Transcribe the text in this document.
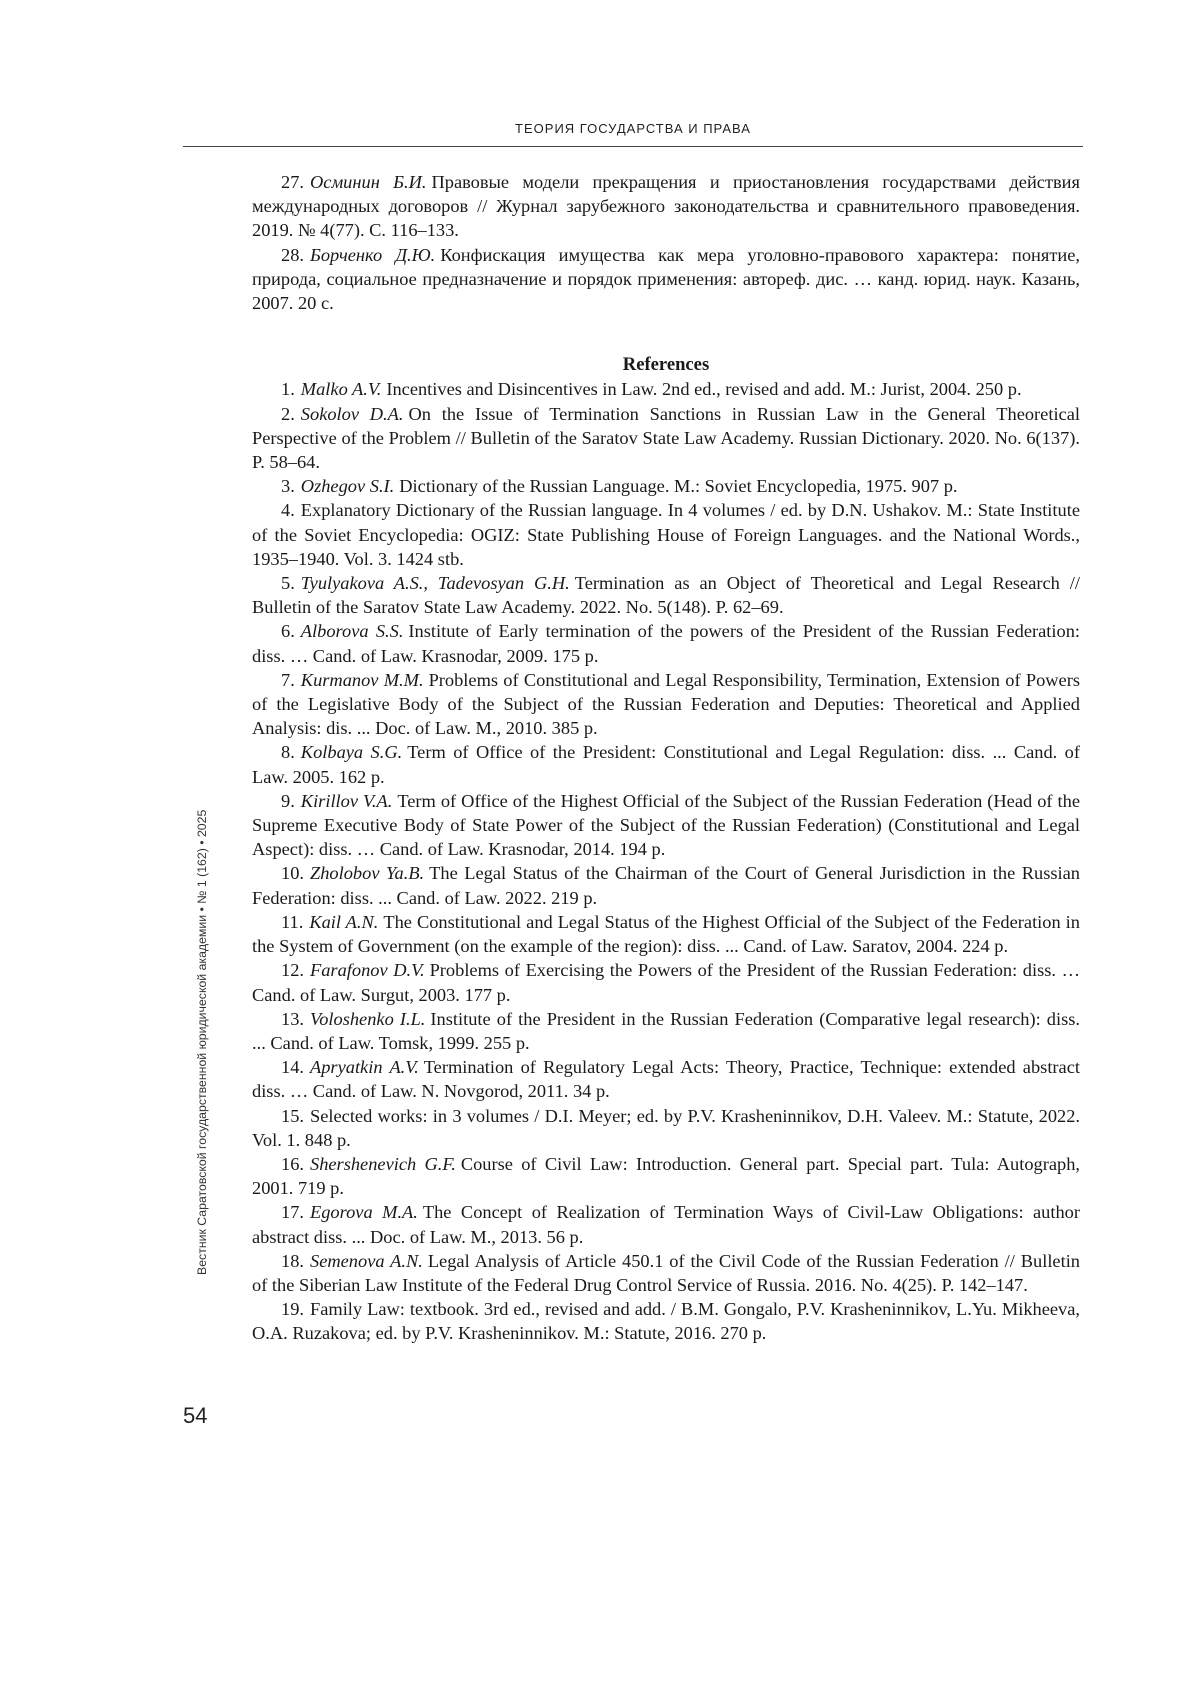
ТЕОРИЯ ГОСУДАРСТВА И ПРАВА
Вестник Саратовской государственной юридической академии • № 1 (162) • 2025
54

27. Осминин Б.И. Правовые модели прекращения и приостановления государствами действия международных договоров // Журнал зарубежного законодательства и срав­нительного правоведения. 2019. № 4(77). С. 116–133.

28. Борченко Д.Ю. Конфискация имущества как мера уголовно-правового характера: понятие, природа, социальное предназначение и порядок применения: автореф. дис. … канд. юрид. наук. Казань, 2007. 20 с.

References

1. Malko A.V. Incentives and Disincentives in Law. 2nd ed., revised and add. M.: Jurist, 2004. 250 p.

2. Sokolov D.A. On the Issue of Termination Sanctions in Russian Law in the General The­oretical Perspective of the Problem // Bulletin of the Saratov State Law Academy. Russian Dictionary. 2020. No. 6(137). P. 58–64.

3. Ozhegov S.I. Dictionary of the Russian Language. M.: Soviet Encyclopedia, 1975. 907 p.

4. Explanatory Dictionary of the Russian language. In 4 volumes / ed. by D.N. Ushakov. M.: State Institute of the Soviet Encyclopedia: OGIZ: State Publishing House of Foreign Languages. and the National Words., 1935–1940. Vol. 3. 1424 stb.

5. Tyulyakova A.S., Tadevosyan G.H. Termination as an Object of Theoretical and Legal Re­search // Bulletin of the Saratov State Law Academy. 2022. No. 5(148). P. 62–69.

6. Alborova S.S. Institute of Early termination of the powers of the President of the Russian Federation: diss. … Cand. of Law. Krasnodar, 2009. 175 p.

7. Kurmanov M.M. Problems of Constitutional and Legal Responsibility, Termination, Exten­sion of Powers of the Legislative Body of the Subject of the Russian Federation and Deputies: Theoretical and Applied Analysis: dis. ... Doc. of Law. M., 2010. 385 p.

8. Kolbaya S.G. Term of Office of the President: Constitutional and Legal Regulation: diss. ... Cand. of Law. 2005. 162 p.

9. Kirillov V.A. Term of Office of the Highest Official of the Subject of the Russian Federation (Head of the Supreme Executive Body of State Power of the Subject of the Russian Federation) (Constitutional and Legal Aspect): diss. … Cand. of Law. Krasnodar, 2014. 194 p.

10. Zholobov Ya.B. The Legal Status of the Chairman of the Court of General Jurisdiction in the Russian Federation: diss. ... Cand. of Law. 2022. 219 p.

11. Kail A.N. The Constitutional and Legal Status of the Highest Official of the Subject of the Federation in the System of Government (on the example of the region): diss. ... Cand. of Law. Saratov, 2004. 224 p.

12. Farafonov D.V. Problems of Exercising the Powers of the President of the Russian Fed­eration: diss. … Cand. of Law. Surgut, 2003. 177 p.

13. Voloshenko I.L. Institute of the President in the Russian Federation (Comparative legal research): diss. ... Cand. of Law. Tomsk, 1999. 255 p.

14. Apryatkin A.V. Termination of Regulatory Legal Acts: Theory, Practice, Technique: ex­tended abstract diss. … Cand. of Law. N. Novgorod, 2011. 34 p.

15. Selected works: in 3 volumes / D.I. Meyer; ed. by P.V. Krasheninnikov, D.H. Valeev. M.: Statute, 2022. Vol. 1. 848 p.

16. Shershenevich G.F. Course of Civil Law: Introduction. General part. Special part. Tula: Autograph, 2001. 719 p.

17. Egorova M.A. The Concept of Realization of Termination Ways of Civil-Law Obligations: author abstract diss. ... Doc. of Law. M., 2013. 56 p.

18. Semenova A.N. Legal Analysis of Article 450.1 of the Civil Code of the Russian Federation // Bulletin of the Siberian Law Institute of the Federal Drug Control Service of Russia. 2016. No. 4(25). P. 142–147.

19. Family Law: textbook. 3rd ed., revised and add. / B.M. Gongalo, P.V. Krasheninnikov, L.Yu. Mikheeva, O.A. Ruzakova; ed. by P.V. Krasheninnikov. M.: Statute, 2016. 270 p.
